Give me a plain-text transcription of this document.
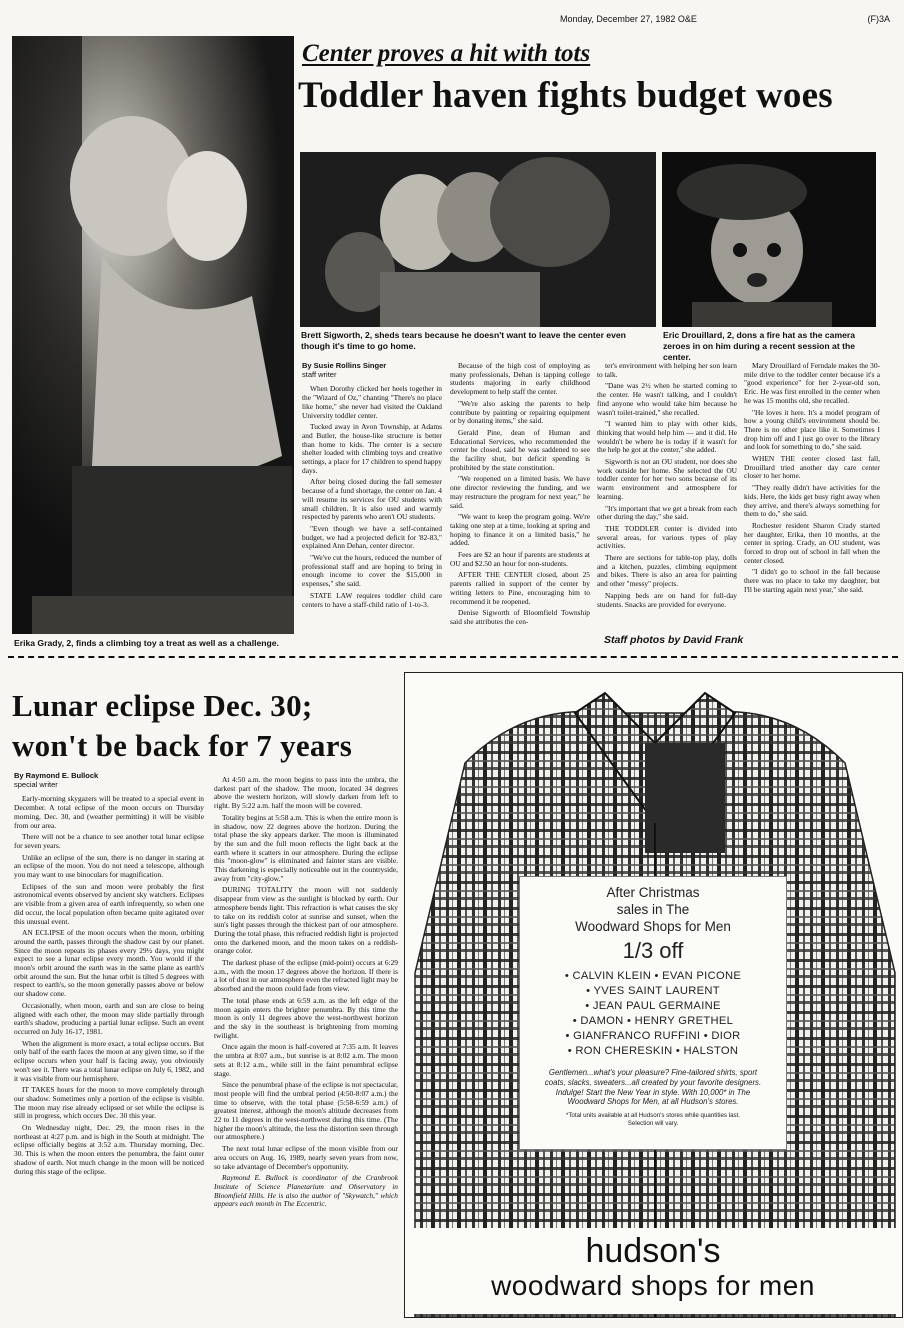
Monday, December 27, 1982 O&E	(F)3A
Center proves a hit with tots
Toddler haven fights budget woes
Brett Sigworth, 2, sheds tears because he doesn't want to leave the center even though it's time to go home.
Eric Drouillard, 2, dons a fire hat as the camera zeroes in on him during a recent session at the center.
Erika Grady, 2, finds a climbing toy a treat as well as a challenge.
By Susie Rollins Singer
staff writer

When Dorothy clicked her heels together in the "Wizard of Oz," chanting "There's no place like home," she never had visited the Oakland University toddler center.

Tucked away in Avon Township, at Adams and Butler, the house-like structure is better than home to kids. The center is a secure shelter loaded with climbing toys and creative settings, a place for 17 children to spend happy days.

After being closed during the fall semester because of a fund shortage, the center on Jan. 4 will resume its services for OU students with small children. It is also used and warmly respected by parents who aren't OU students.

"Even though we have a self-contained budget, we had a projected deficit for '82-83," explained Ann Dehan, center director.

"We've cut the hours, reduced the number of professional staff and are hoping to bring in enough income to cover the $15,000 in expenses," she said.

STATE LAW requires toddler child care centers to have a staff-child ratio of 1-to-3.

Because of the high cost of employing as many professionals, Dehan is tapping college students majoring in early childhood development to help staff the center.

"We're also asking the parents to help contribute by painting or repairing equipment or by donating items," she said.

Gerald Pine, dean of Human and Educational Services, who recommended the center be closed, said he was saddened to see the facility shut, but deficit spending is prohibited by the state constitution.

"We reopened on a limited basis. We have one director reviewing the funding, and we may restructure the program for next year," he said.

"We want to keep the program going. We're taking one step at a time, looking at spring and hoping to finance it on a limited basis," he added.

Fees are $2 an hour if parents are students at OU and $2.50 an hour for non-students.

AFTER THE CENTER closed, about 25 parents rallied in support of the center by writing letters to Pine, encouraging him to recommend it be reopened.

Denise Sigworth of Bloomfield Township said she attributes the cen-

ter's environment with helping her son learn to talk.

"Dane was 2½ when he started coming to the center. He wasn't talking, and I couldn't find anyone who would take him because he wasn't toilet-trained," she recalled.

"I wanted him to play with other kids, thinking that would help him — and it did. He wouldn't be where he is today if it wasn't for the help he got at the center," she added.

Sigworth is not an OU student, nor does she work outside her home. She selected the OU toddler center for her two sons because of its warm environment and atmosphere for learning.

"It's important that we get a break from each other during the day," she said.

THE TODDLER center is divided into several areas, for various types of play activities.

There are sections for table-top play, dolls and a kitchen, puzzles, climbing equipment and bikes. There is also an area for painting and other "messy" projects.

Napping beds are on hand for full-day students. Snacks are provided for everyone.

Mary Drouillard of Ferndale makes the 30-mile drive to the toddler center because it's a "good experience" for her 2-year-old son, Eric. He was first enrolled in the center when he was 15 months old, she recalled.

"He loves it here. It's a model program of how a young child's environment should be. There is no other place like it. Sometimes I drop him off and I just go over to the library and look for something to do," she said.

WHEN THE center closed last fall, Drouillard tried another day care center closer to her home.

"They really didn't have activities for the kids. Here, the kids get busy right away when they arrive, and there's always something for them to do," she said.

Rochester resident Sharon Crady started her daughter, Erika, then 10 months, at the center in spring. Crady, an OU student, was forced to drop out of school in fall when the center closed.

"I didn't go to school in the fall because there was no place to take my daughter, but I'll be starting again next year," she said.

Staff photos by David Frank
Lunar eclipse Dec. 30;
won't be back for 7 years
By Raymond E. Bullock
special writer

Early-morning skygazers will be treated to a special event in December. A total eclipse of the moon occurs on Thursday morning, Dec. 30, and (weather permitting) it will be visible from our area.

There will not be a chance to see another total lunar eclipse for seven years.

Unlike an eclipse of the sun, there is no danger in staring at an eclipse of the moon. You do not need a telescope, although you may want to use binoculars for magnification.

Eclipses of the sun and moon were probably the first astronomical events observed by ancient sky watchers. Eclipses are visible from a given area of earth infrequently, so when one did occur, the local population often became quite agitated over this unusual event.

AN ECLIPSE of the moon occurs when the moon, orbiting around the earth, passes through the shadow cast by our planet. Since the moon repeats its phases every 29½ days, you might expect to see a lunar eclipse every month. You would if the moon's orbit around the earth was in the same plane as earth's orbit around the sun. But the lunar orbit is tilted 5 degrees with respect to earth's, so the moon generally passes above or below our shadow cone.

Occasionally, when moon, earth and sun are close to being aligned with each other, the moon may slide partially through earth's shadow, producing a partial lunar eclipse. Such an event occurred on July 16-17, 1981.

When the alignment is more exact, a total eclipse occurs. But only half of the earth faces the moon at any given time, so if the eclipse occurs when your half is facing away, you obviously won't see it. There was a total lunar eclipse on July 6, 1982, and it was visible from our hemisphere.

IT TAKES hours for the moon to move completely through our shadow. Sometimes only a portion of the eclipse is visible. The moon may rise already eclipsed or set while the eclipse is still in progress, which occurs Dec. 30 this year.

On Wednesday night, Dec. 29, the moon rises in the northeast at 4:27 p.m. and is high in the South at midnight. The eclipse officially begins at 3:52 a.m. Thursday morning, Dec. 30. This is when the moon enters the penumbra, the faint outer shadow of earth. Not much change in the moon will be noticed during this stage of the eclipse.

At 4:50 a.m. the moon begins to pass into the umbra, the darkest part of the shadow. The moon, located 34 degrees above the western horizon, will slowly darken from left to right. By 5:22 a.m. half the moon will be covered.

Totality begins at 5:58 a.m. This is when the entire moon is in shadow, now 22 degrees above the horizon. During the total phase the sky appears darker. The moon is illuminated by the sun and the full moon reflects the light back at the earth where it scatters in our atmosphere. During the eclipse this "moon-glow" is eliminated and fainter stars are visible. This darkening is especially noticeable out in the countryside, away from "city-glow."

DURING TOTALITY the moon will not suddenly disappear from view as the sunlight is blocked by earth. Our atmosphere bends light. This refraction is what causes the sky to take on its reddish color at sunrise and sunset, when the sun's light passes through the thickest part of our atmosphere. During the total phase, this refracted reddish light is projected onto the darkened moon, and the moon takes on a reddish-orange color.

The darkest phase of the eclipse (mid-point) occurs at 6:29 a.m., with the moon 17 degrees above the horizon. If there is a lot of dust in our atmosphere even the refracted light may be absorbed and the moon could fade from view.

The total phase ends at 6:59 a.m. as the left edge of the moon again enters the brighter penumbra. By this time the moon is only 11 degrees above the west-northwest horizon and the sky in the southeast is brightening from morning twilight.

Once again the moon is half-covered at 7:35 a.m. It leaves the umbra at 8:07 a.m., but sunrise is at 8:02 a.m. The moon sets at 8:12 a.m., while still in the faint penumbral eclipse stage.

Since the penumbral phase of the eclipse is not spectacular, most people will find the umbral period (4:50-8:07 a.m.) the time to observe, with the total phase (5:58-6:59 a.m.) of greatest interest, although the moon's altitude decreases from 22 to 11 degrees in the west-northwest during this time. (The higher the moon's altitude, the less the distortion seen through our atmosphere.)

The next total lunar eclipse of the moon visible from our area occurs on Aug. 16, 1989, nearly seven years from now, so take advantage of December's opportunity.

Raymond E. Bullock is coordinator of the Cranbrook Institute of Science Planetarium and Observatory in Bloomfield Hills. He is also the author of "Skywatch," which appears each month in The Eccentric.

After Christmas
sales in The
Woodward Shops for Men
1/3 off
• CALVIN KLEIN • EVAN PICONE
• YVES SAINT LAURENT
• JEAN PAUL GERMAINE
• DAMON • HENRY GRETHEL
• GIANFRANCO RUFFINI • DIOR
• RON CHERESKIN • HALSTON
Gentlemen...what's your pleasure? Fine-tailored shirts, sport coats, slacks, sweaters...all created by your favorite designers. Indulge! Start the New Year in style. With 10,000* in The Woodward Shops for Men, at all Hudson's stores.
*Total units available at all Hudson's stores while quantities last. Selection will vary.
hudson's
woodward shops for men
